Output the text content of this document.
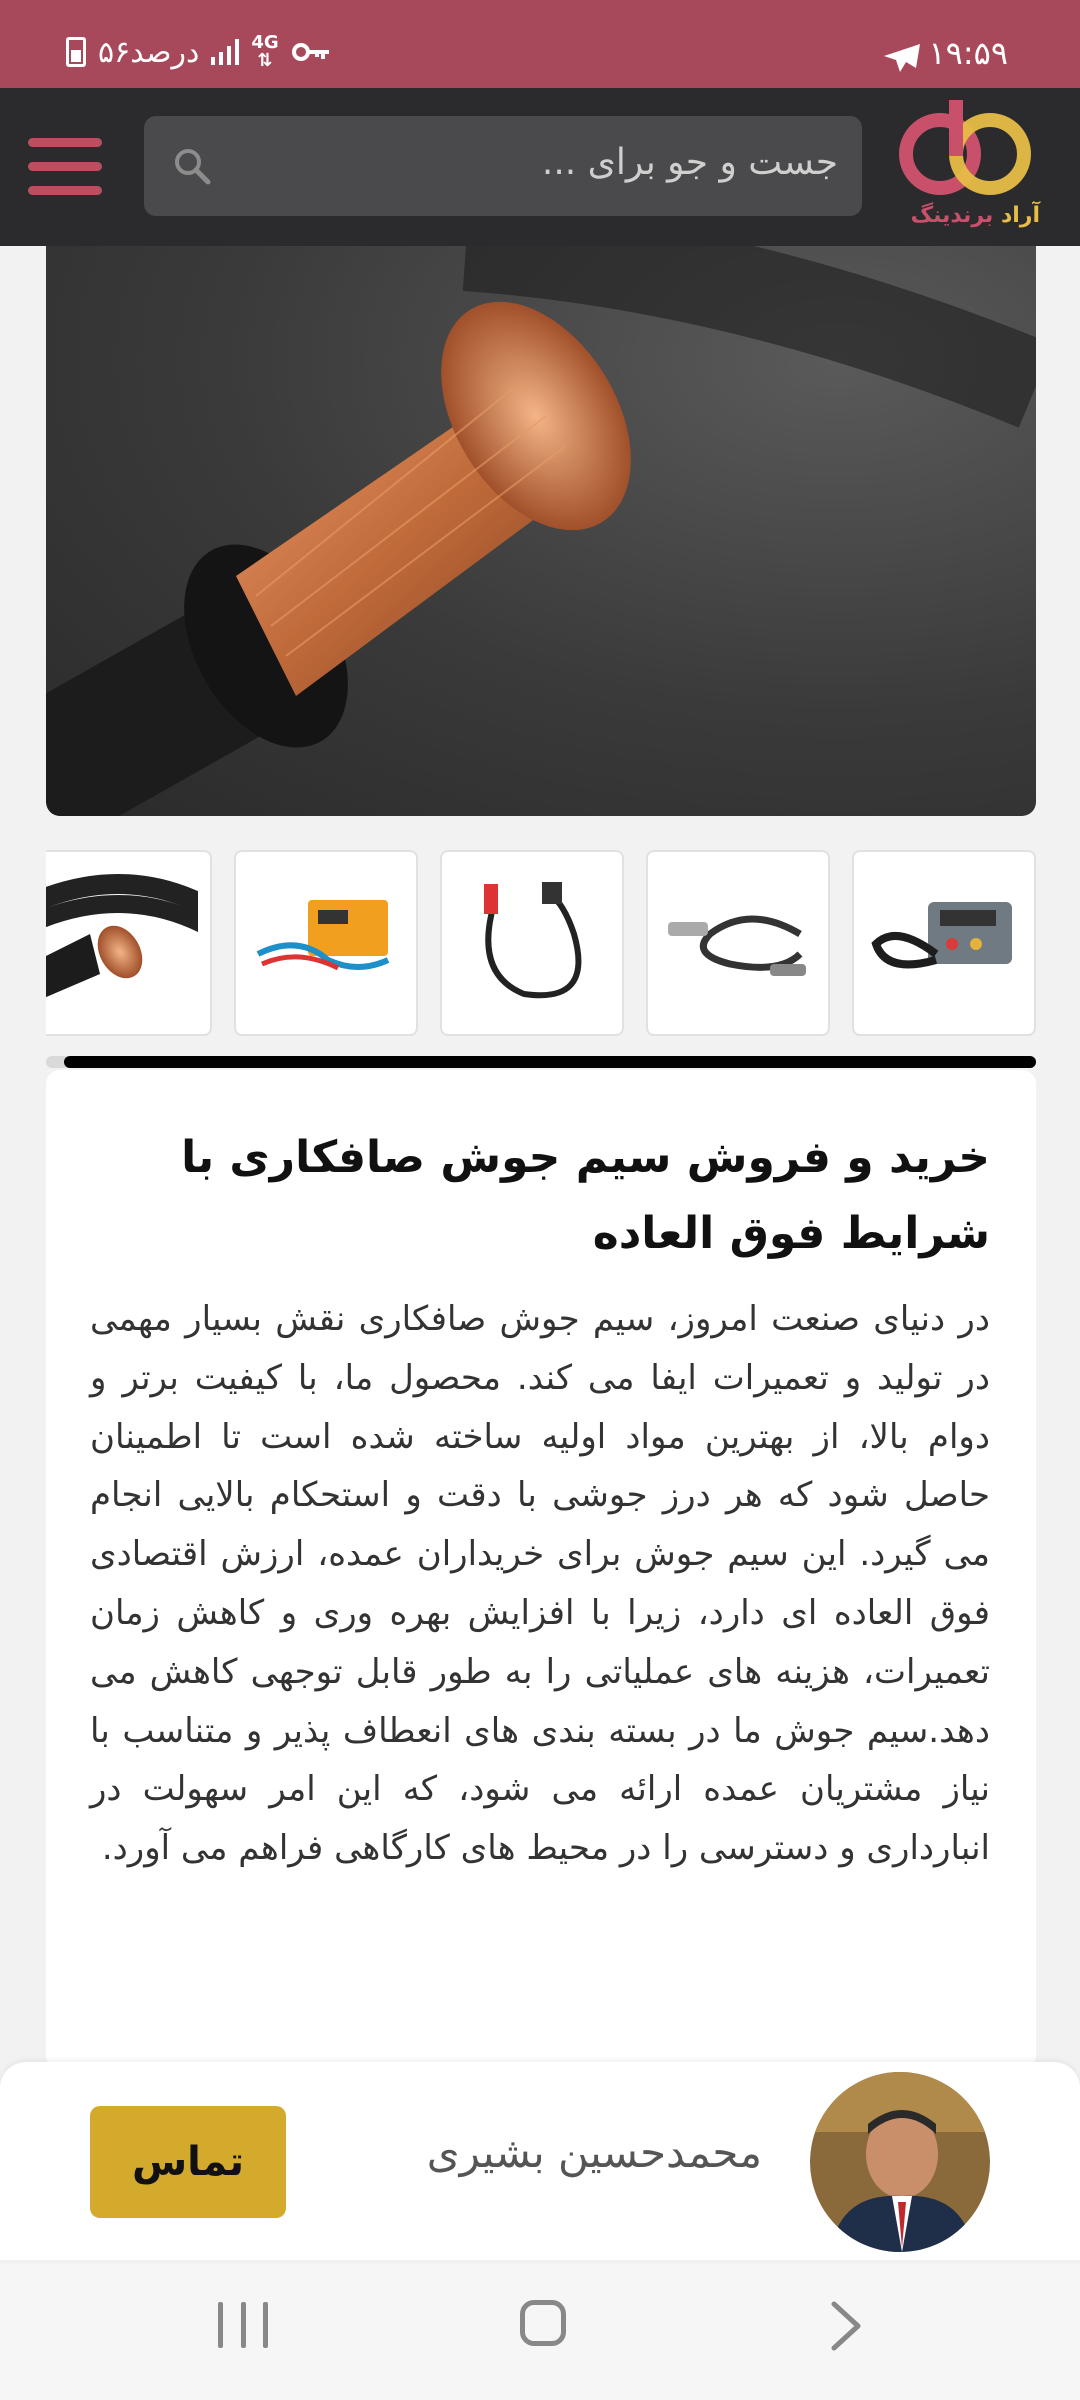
۱۹:۵۹
۵۶درصد	4G
⇅
جست و جو برای ...
آراد برندینگ
خرید و فروش سیم جوش صافکاری با شرایط فوق العاده

در دنیای صنعت امروز، سیم جوش صافکاری نقش بسیار مهمی در تولید و تعمیرات ایفا می کند. محصول ما، با کیفیت برتر و دوام بالا، از بهترین مواد اولیه ساخته شده است تا اطمینان حاصل شود که هر درز جوشی با دقت و استحکام بالایی انجام می گیرد. این سیم جوش برای خریداران عمده، ارزش اقتصادی فوق العاده ای دارد، زیرا با افزایش بهره وری و کاهش زمان تعمیرات، هزینه های عملیاتی را به طور قابل توجهی کاهش می دهد.سیم جوش ما در بسته بندی های انعطاف پذیر و متناسب با نیاز مشتریان عمده ارائه می شود، که این امر سهولت در انبارداری و دسترسی را در محیط های کارگاهی فراهم می آورد.

محمدحسین بشیری
تماس
